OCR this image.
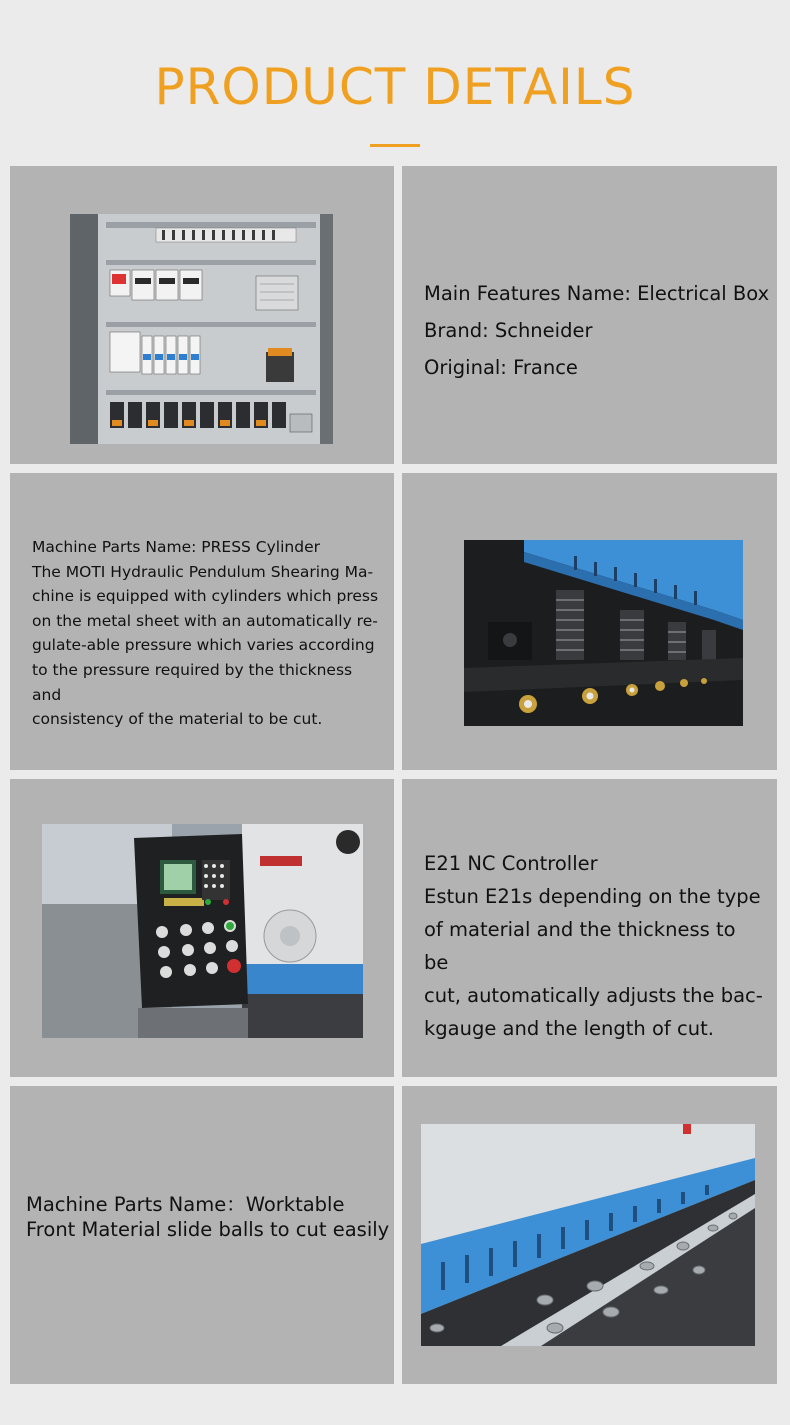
PRODUCT DETAILS

Main Features Name: Electrical Box

Brand: Schneider

Original: France

Machine Parts Name: PRESS Cylinder

The MOTI Hydraulic Pendulum Shearing Ma-

chine is equipped with cylinders which press

on the metal sheet with an automatically re-

gulate-able pressure which varies according

to the pressure required by the thickness and

consistency of the material to be cut.

E21 NC Controller

Estun E21s depending on the type

of material and the thickness to be

cut, automatically adjusts the bac-

kgauge and the length of cut.

Machine Parts Name：Worktable

Front Material slide balls to cut easily
